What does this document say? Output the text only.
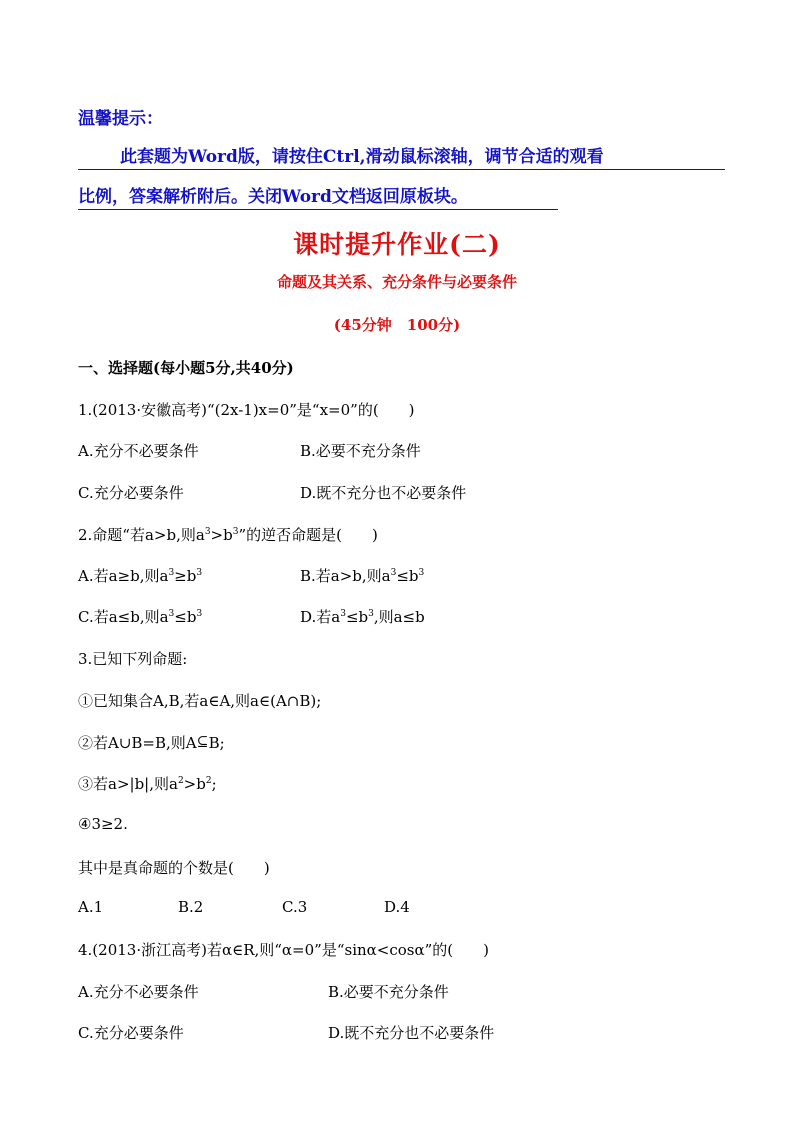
温馨提示：
此套题为Word版，请按住Ctrl,滑动鼠标滚轴，调节合适的观看
比例，答案解析附后。关闭Word文档返回原板块。
课时提升作业(二)
命题及其关系、充分条件与必要条件
(45分钟　100分)
一、选择题(每小题5分,共40分)
1.(2013·安徽高考)“(2x-1)x=0”是“x=0”的(　　)
A.充分不必要条件	B.必要不充分条件
C.充分必要条件	D.既不充分也不必要条件
2.命题“若a>b,则$a^3>b^3$”的逆否命题是(　　)
A.若a≥b,则$a^3\ge b^3$	B.若a>b,则$a^3\le b^3$
C.若a≤b,则$a^3\le b^3$	D.若$a^3\le b^3$,则a≤b
3.已知下列命题:
①已知集合A,B,若a∈A,则a∈(A∩B);
②若A∪B=B,则A ⊆ B;
③若a>|b|,则$a^2>b^2$;
④3≥2.
其中是真命题的个数是(　　)
A.1	B.2	C.3	D.4
4.(2013·浙江高考)若α∈R,则“α=0”是“sinα<cosα”的(　　)
A.充分不必要条件	B.必要不充分条件
C.充分必要条件	D.既不充分也不必要条件
